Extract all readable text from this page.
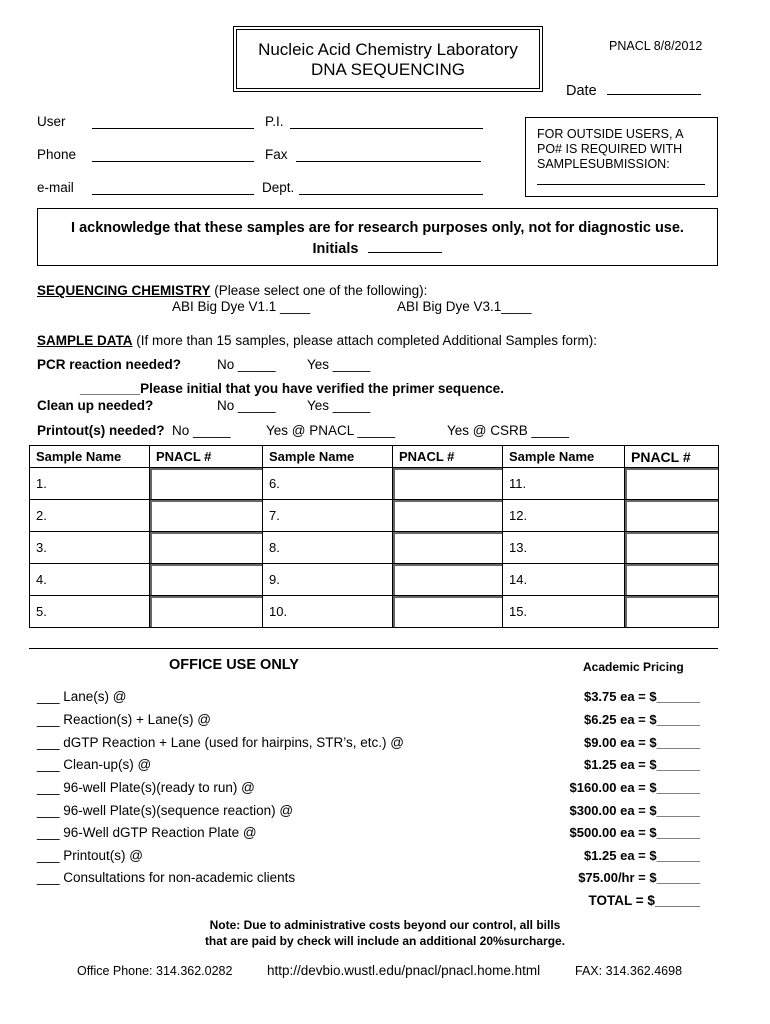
Nucleic Acid Chemistry Laboratory
DNA SEQUENCING
PNACL 8/8/2012
Date
User	P.I.
Phone	Fax
e-mail	Dept.
FOR OUTSIDE USERS, A
PO# IS REQUIRED WITH
SAMPLESUBMISSION:
I acknowledge that these samples are for research purposes only, not for diagnostic use.
Initials
SEQUENCING CHEMISTRY (Please select one of the following):
ABI Big Dye V1.1 ____	ABI Big Dye V3.1____
SAMPLE DATA (If more than 15 samples, please attach completed Additional Samples form):
PCR reaction needed?	No _____ Yes _____
________Please initial that you have verified the primer sequence.
Clean up needed?	No _____ Yes _____
Printout(s) needed? No _____	Yes @ PNACL _____	Yes @ CSRB _____
Sample Name	PNACL #	Sample Name	PNACL #	Sample Name	PNACL #
1.		6.		11.	
2.		7.		12.	
3.		8.		13.	
4.		9.		14.	
5.		10.		15.	
OFFICE USE ONLY	Academic Pricing
___ Lane(s) @	$3.75 ea = $______
___ Reaction(s) + Lane(s) @	$6.25 ea = $______
___ dGTP Reaction + Lane (used for hairpins, STR’s, etc.) @	$9.00 ea = $______
___ Clean-up(s) @	$1.25 ea = $______
___ 96-well Plate(s)(ready to run) @	$160.00 ea = $______
___ 96-well Plate(s)(sequence reaction) @	$300.00 ea = $______
___ 96-Well dGTP Reaction Plate @	$500.00 ea = $______
___ Printout(s) @	$1.25 ea = $______
___ Consultations for non-academic clients	$75.00/hr = $______
TOTAL = $______
Note: Due to administrative costs beyond our control, all bills
that are paid by check will include an additional 20%surcharge.
Office Phone: 314.362.0282	http://devbio.wustl.edu/pnacl/pnacl.home.html	FAX: 314.362.4698
